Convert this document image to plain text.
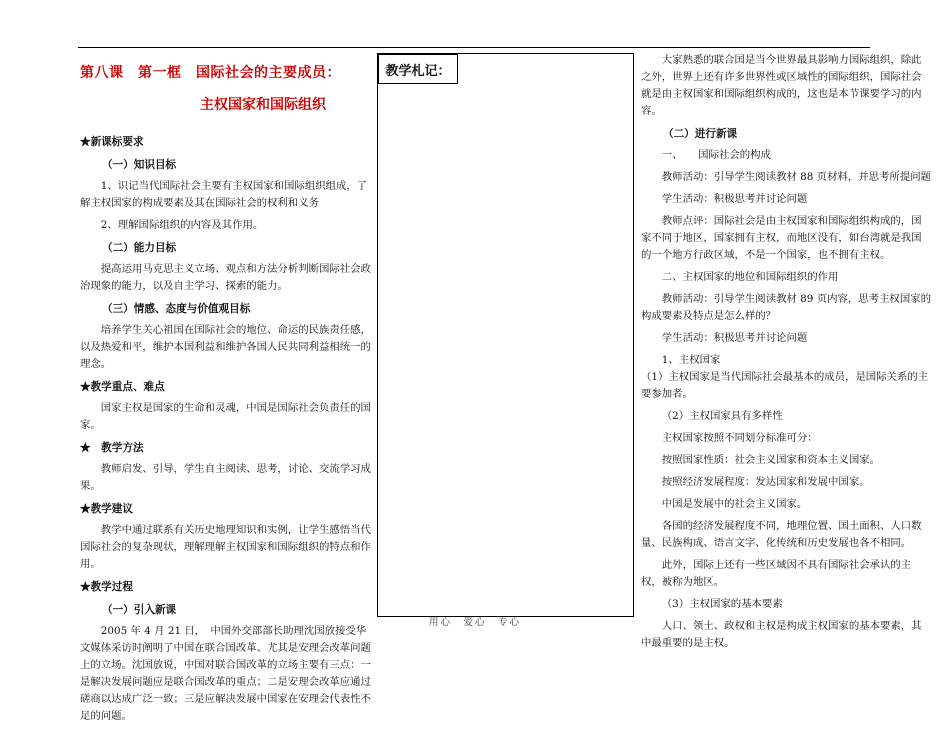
第八课　第一框　国际社会的主要成员：
主权国家和国际组织
★新课标要求
（一）知识目标

1、识记当代国际社会主要有主权国家和国际组织组成，了解主权国家的构成要素及其在国际社会的权利和义务

2、理解国际组织的内容及其作用。

（二）能力目标

提高运用马克思主义立场、观点和方法分析判断国际社会政治现象的能力，以及自主学习、探索的能力。

（三）情感、态度与价值观目标

培养学生关心祖国在国际社会的地位、命运的民族责任感，以及热爱和平，维护本国利益和维护各国人民共同利益相统一的理念。

★教学重点、难点

国家主权是国家的生命和灵魂，中国是国际社会负责任的国家。

★　教学方法

教师启发、引导，学生自主阅读、思考，讨论、交流学习成果。

★教学建议

教学中通过联系有关历史地理知识和实例，让学生感悟当代国际社会的复杂现状，理解理解主权国家和国际组织的特点和作用。

★教学过程
（一）引入新课

2005 年 4 月 21 日，　中国外交部部长助理沈国放接受华文媒体采访时阐明了中国在联合国改革、尤其是安理会改革问题上的立场。沈国放说，中国对联合国改革的立场主要有三点：一是解决发展问题应是联合国改革的重点；二是安理会改革应通过磋商以达成广泛一致；三是应解决发展中国家在安理会代表性不足的问题。

教学札记：

大家熟悉的联合国是当今世界最具影响力国际组织，除此之外，世界上还有许多世界性或区域性的国际组织，国际社会就是由主权国家和国际组织构成的，这也是本节课要学习的内容。

（二）进行新课

一、　　国际社会的构成

教师活动：引导学生阅读教材 88 页材料，并思考所提问题

学生活动：积极思考并讨论问题

教师点评：国际社会是由主权国家和国际组织构成的，国家不同于地区，国家拥有主权，而地区没有，如台湾就是我国的一个地方行政区域，不是一个国家，也不拥有主权。

二、主权国家的地位和国际组织的作用

教师活动：引导学生阅读教材 89 页内容，思考主权国家的构成要素及特点是怎么样的？

学生活动：积极思考并讨论问题

1、主权国家

（1）主权国家是当代国际社会最基本的成员，是国际关系的主要参加者。

（2）主权国家具有多样性

主权国家按照不同划分标准可分：

按照国家性质：社会主义国家和资本主义国家。

按照经济发展程度：发达国家和发展中国家。

中国是发展中的社会主义国家。

各国的经济发展程度不同，地理位置、国土面积、人口数量、民族构成、语言文字、化传统和历史发展也各不相同。

此外，国际上还有一些区域因不具有国际社会承认的主权，被称为地区。

（3）主权国家的基本要素

人口、领土、政权和主权是构成主权国家的基本要素，其中最重要的是主权。

用心　爱心　专心
